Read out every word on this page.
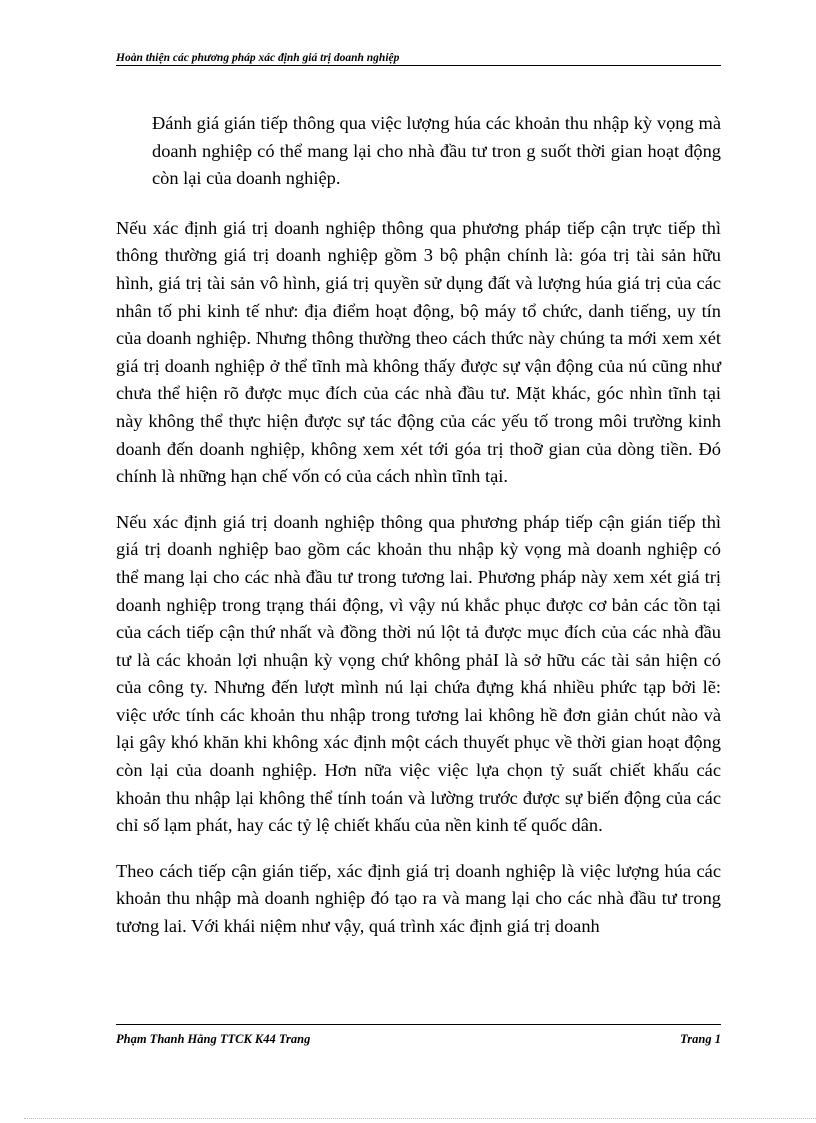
Hoàn thiện các phương pháp xác định giá trị doanh nghiệp

Đánh giá gián tiếp thông qua việc lượng húa các khoản thu nhập kỳ vọng mà doanh nghiệp có thể mang lại cho nhà đầu tư tron g suốt thời gian hoạt động còn lại của doanh nghiệp.

Nếu xác định giá trị doanh nghiệp thông qua phương pháp tiếp cận trực tiếp thì thông thường giá trị doanh nghiệp gồm 3 bộ phận chính là: góa trị tài sản hữu hình, giá trị tài sản vô hình, giá trị quyền sử dụng đất và lượng húa giá trị của các nhân tố phi kinh tế như: địa điểm hoạt động, bộ máy tổ chức, danh tiếng, uy tín của doanh nghiệp. Nhưng thông thường theo cách thức này chúng ta mới xem xét giá trị doanh nghiệp ở thể tĩnh mà không thấy được sự vận động của nú cũng như chưa thể hiện rõ được mục đích của các nhà đầu tư. Mặt khác, góc nhìn tĩnh tại này không thể thực hiện được sự tác động của các yếu tố trong môi trường kinh doanh đến doanh nghiệp, không xem xét tới góa trị thoỡ gian của dòng tiền. Đó chính là những hạn chế vốn có của cách nhìn tĩnh tại.

Nếu xác định giá trị doanh nghiệp thông qua phương pháp tiếp cận gián tiếp thì giá trị doanh nghiệp bao gồm các khoản thu nhập kỳ vọng mà doanh nghiệp có thể mang lại cho các nhà đầu tư trong tương lai. Phương pháp này xem xét giá trị doanh nghiệp trong trạng thái động, vì vậy nú khắc phục được cơ bản các tồn tại của cách tiếp cận thứ nhất và đồng thời nú lột tả được mục đích của các nhà đầu tư là các khoản lợi nhuận kỳ vọng chứ không phảI là sở hữu các tài sản hiện có của công ty. Nhưng đến lượt mình nú lại chứa đựng khá nhiều phức tạp bởi lẽ: việc ước tính các khoản thu nhập trong tương lai không hề đơn giản chút nào và lại gây khó khăn khi không xác định một cách thuyết phục về thời gian hoạt động còn lại của doanh nghiệp. Hơn nữa việc việc lựa chọn tỷ suất chiết khấu các khoản thu nhập lại không thể tính toán và lường trước được sự biến động của các chỉ số lạm phát, hay các tỷ lệ chiết khấu của nền kinh tế quốc dân.

Theo cách tiếp cận gián tiếp, xác định giá trị doanh nghiệp là việc lượng húa các khoản thu nhập mà doanh nghiệp đó tạo ra và mang lại cho các nhà đầu tư trong tương lai. Với khái niệm như vậy, quá trình xác định giá trị doanh

Phạm Thanh Hằng TTCK K44 Trang	Trang 1
